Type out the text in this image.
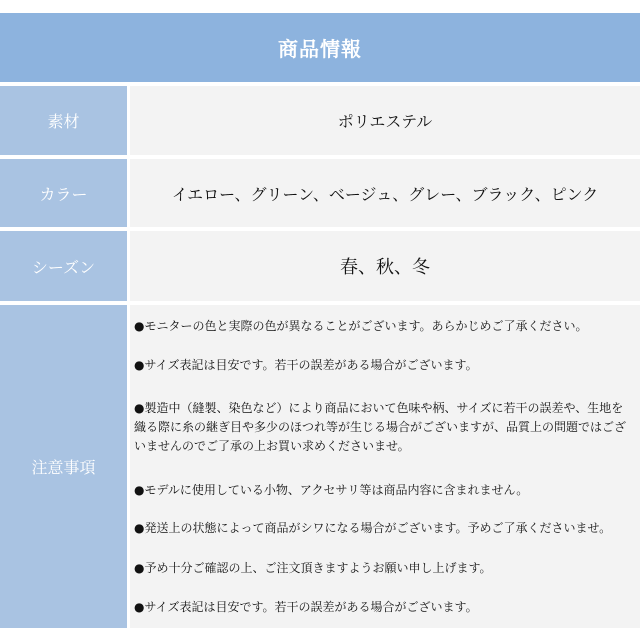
商品情報
素材	ポリエステル
カラー	イエロー、グリーン、ベージュ、グレー、ブラック、ピンク
シーズン	春、秋、冬
注意事項

●モニターの色と実際の色が異なることがございます。あらかじめご了承ください。

●サイズ表記は目安です。若干の誤差がある場合がございます。

●製造中（縫製、染色など）により商品において色味や柄、サイズに若干の誤差や、生地を織る際に糸の継ぎ目や多少のほつれ等が生じる場合がございますが、品質上の問題ではございませんのでご了承の上お買い求めくださいませ。

●モデルに使用している小物、アクセサリ等は商品内容に含まれません。

●発送上の状態によって商品がシワになる場合がございます。予めご了承くださいませ。

●予め十分ご確認の上、ご注文頂きますようお願い申し上げます。

●サイズ表記は目安です。若干の誤差がある場合がございます。
